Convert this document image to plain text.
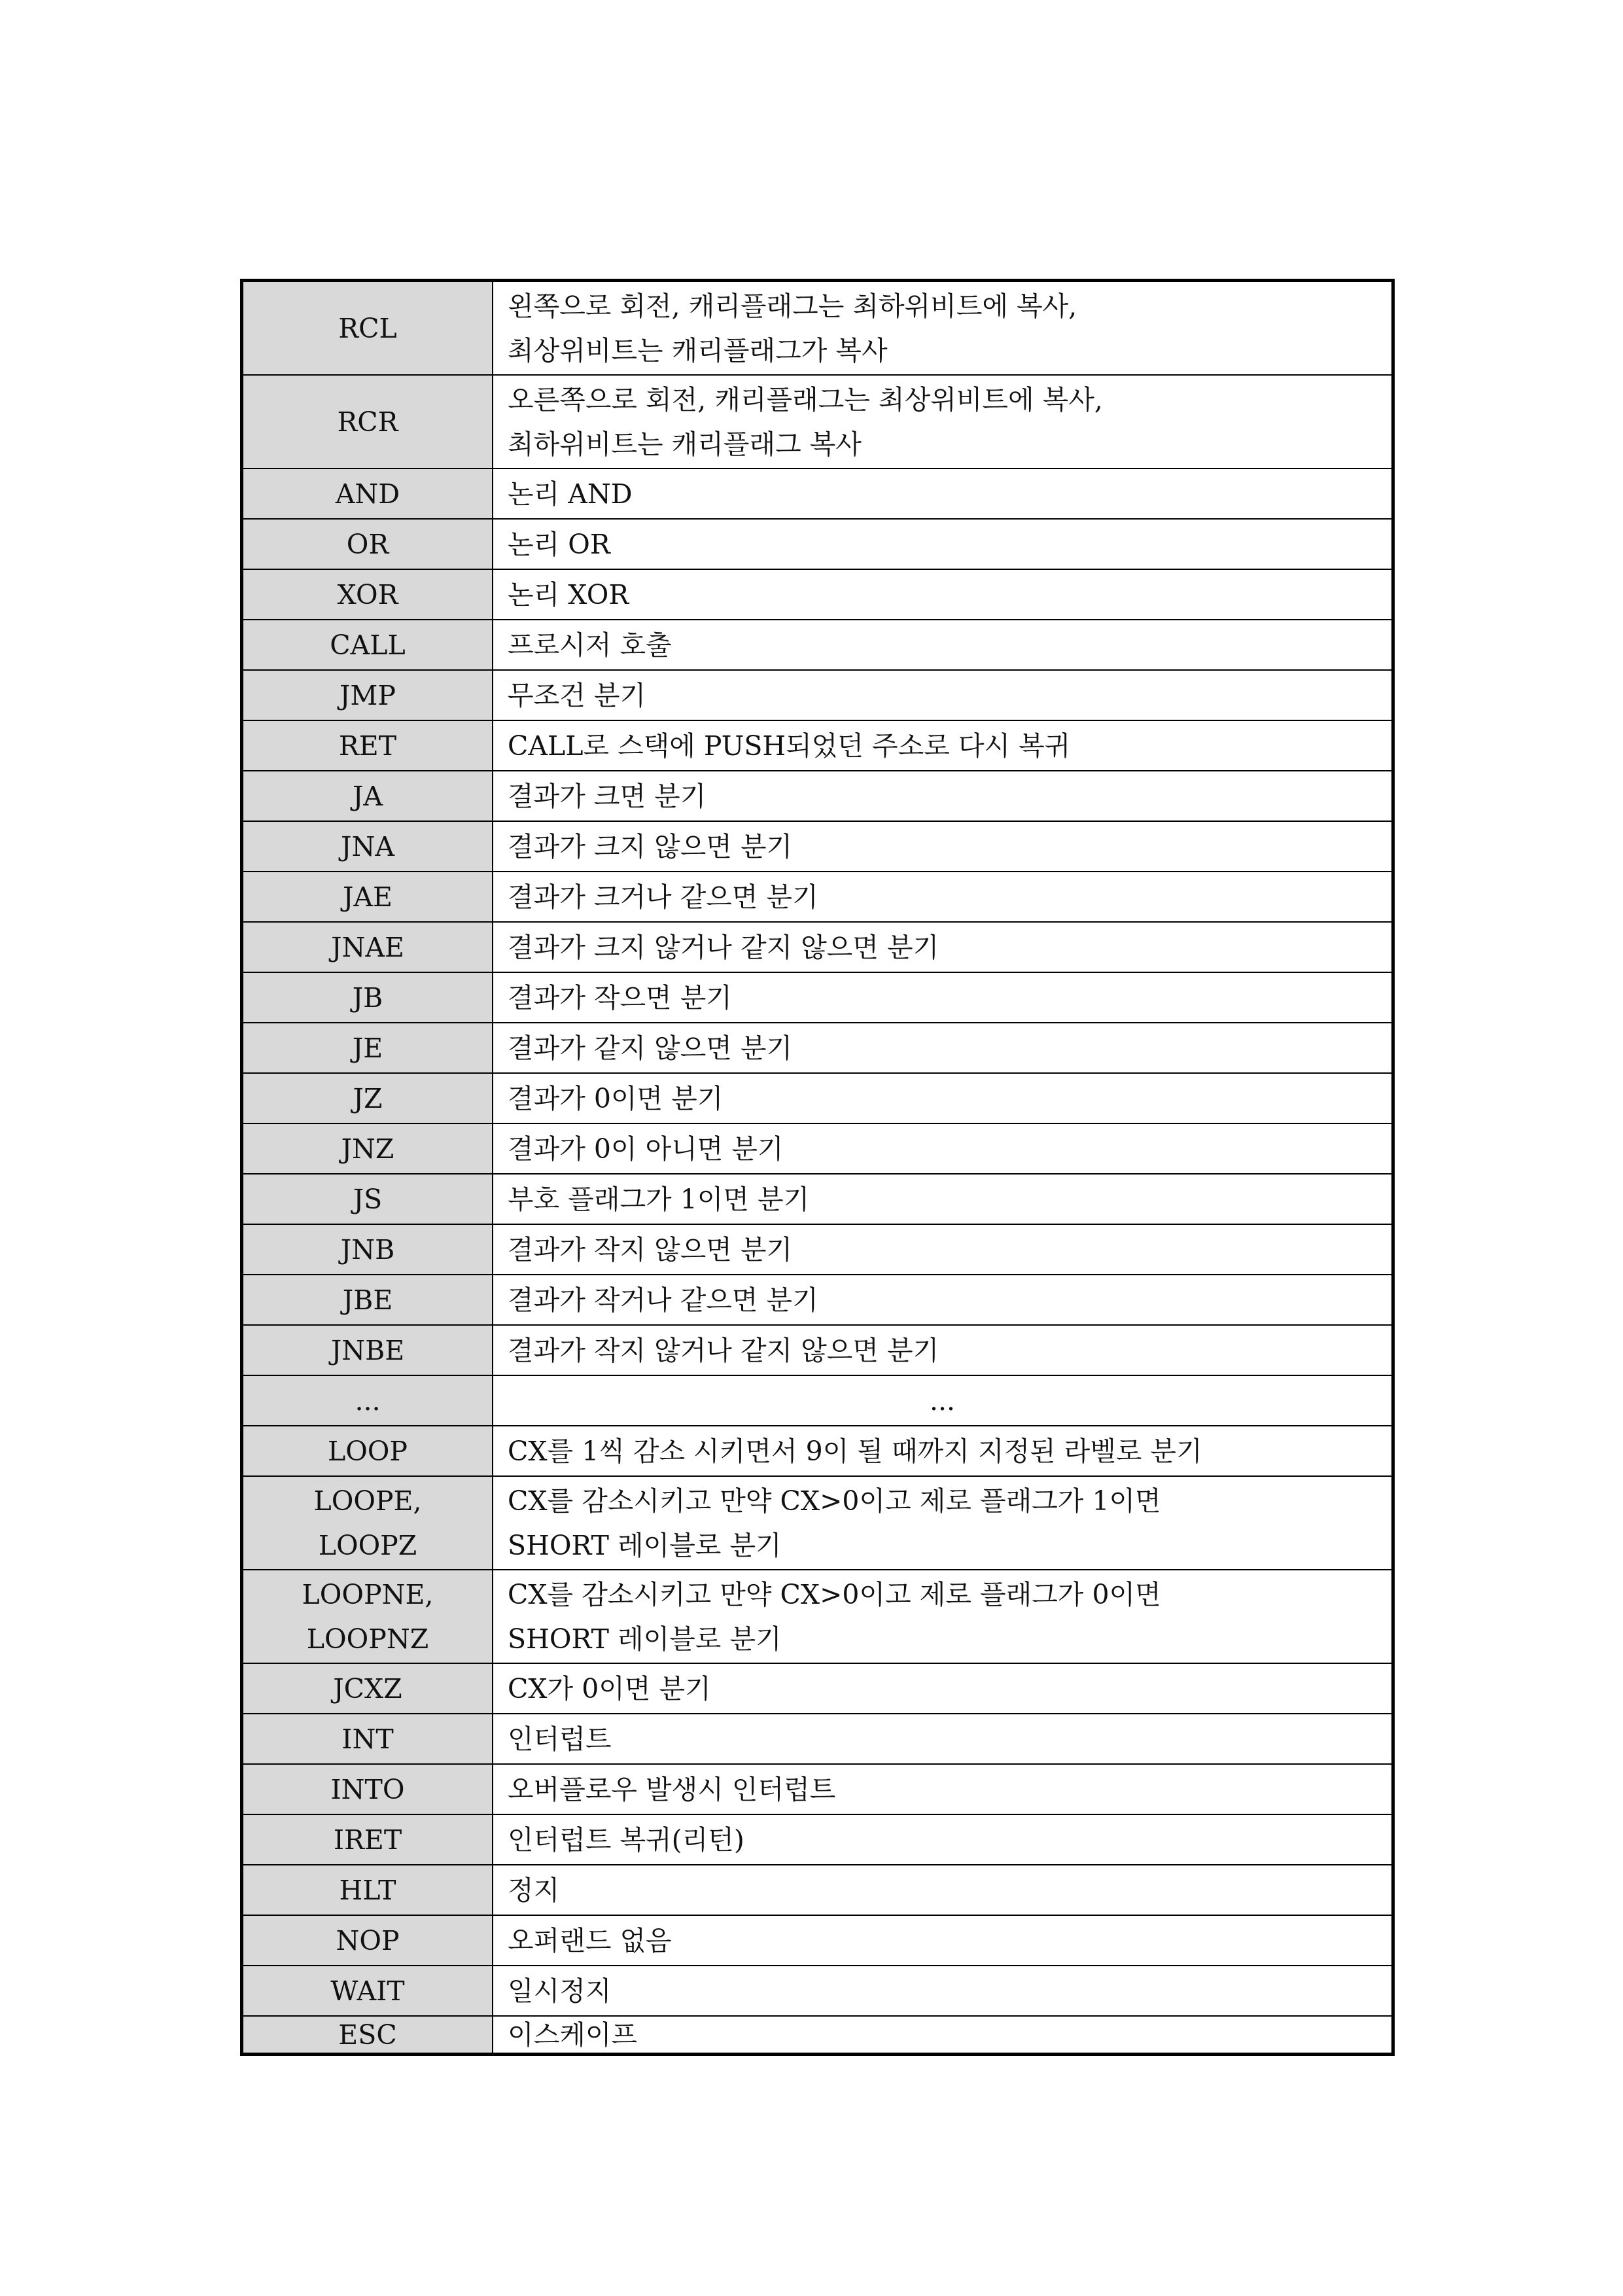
RCL	왼쪽으로 회전, 캐리플래그는 최하위비트에 복사,
최상위비트는 캐리플래그가 복사

RCR	오른쪽으로 회전, 캐리플래그는 최상위비트에 복사,
최하위비트는 캐리플래그 복사

AND	논리 AND

OR	논리 OR

XOR	논리 XOR

CALL	프로시저 호출

JMP	무조건 분기

RET	CALL로 스택에 PUSH되었던 주소로 다시 복귀

JA	결과가 크면 분기

JNA	결과가 크지 않으면 분기

JAE	결과가 크거나 같으면 분기

JNAE	결과가 크지 않거나 같지 않으면 분기

JB	결과가 작으면 분기

JE	결과가 같지 않으면 분기

JZ	결과가 0이면 분기

JNZ	결과가 0이 아니면 분기

JS	부호 플래그가 1이면 분기

JNB	결과가 작지 않으면 분기

JBE	결과가 작거나 같으면 분기

JNBE	결과가 작지 않거나 같지 않으면 분기

...	...

LOOP	CX를 1씩 감소 시키면서 9이 될 때까지 지정된 라벨로 분기

LOOPE,
LOOPZ	CX를 감소시키고 만약 CX>0이고 제로 플래그가 1이면
SHORT 레이블로 분기

LOOPNE,
LOOPNZ	CX를 감소시키고 만약 CX>0이고 제로 플래그가 0이면
SHORT 레이블로 분기

JCXZ	CX가 0이면 분기

INT	인터럽트

INTO	오버플로우 발생시 인터럽트

IRET	인터럽트 복귀(리턴)

HLT	정지

NOP	오퍼랜드 없음

WAIT	일시정지

ESC	이스케이프
